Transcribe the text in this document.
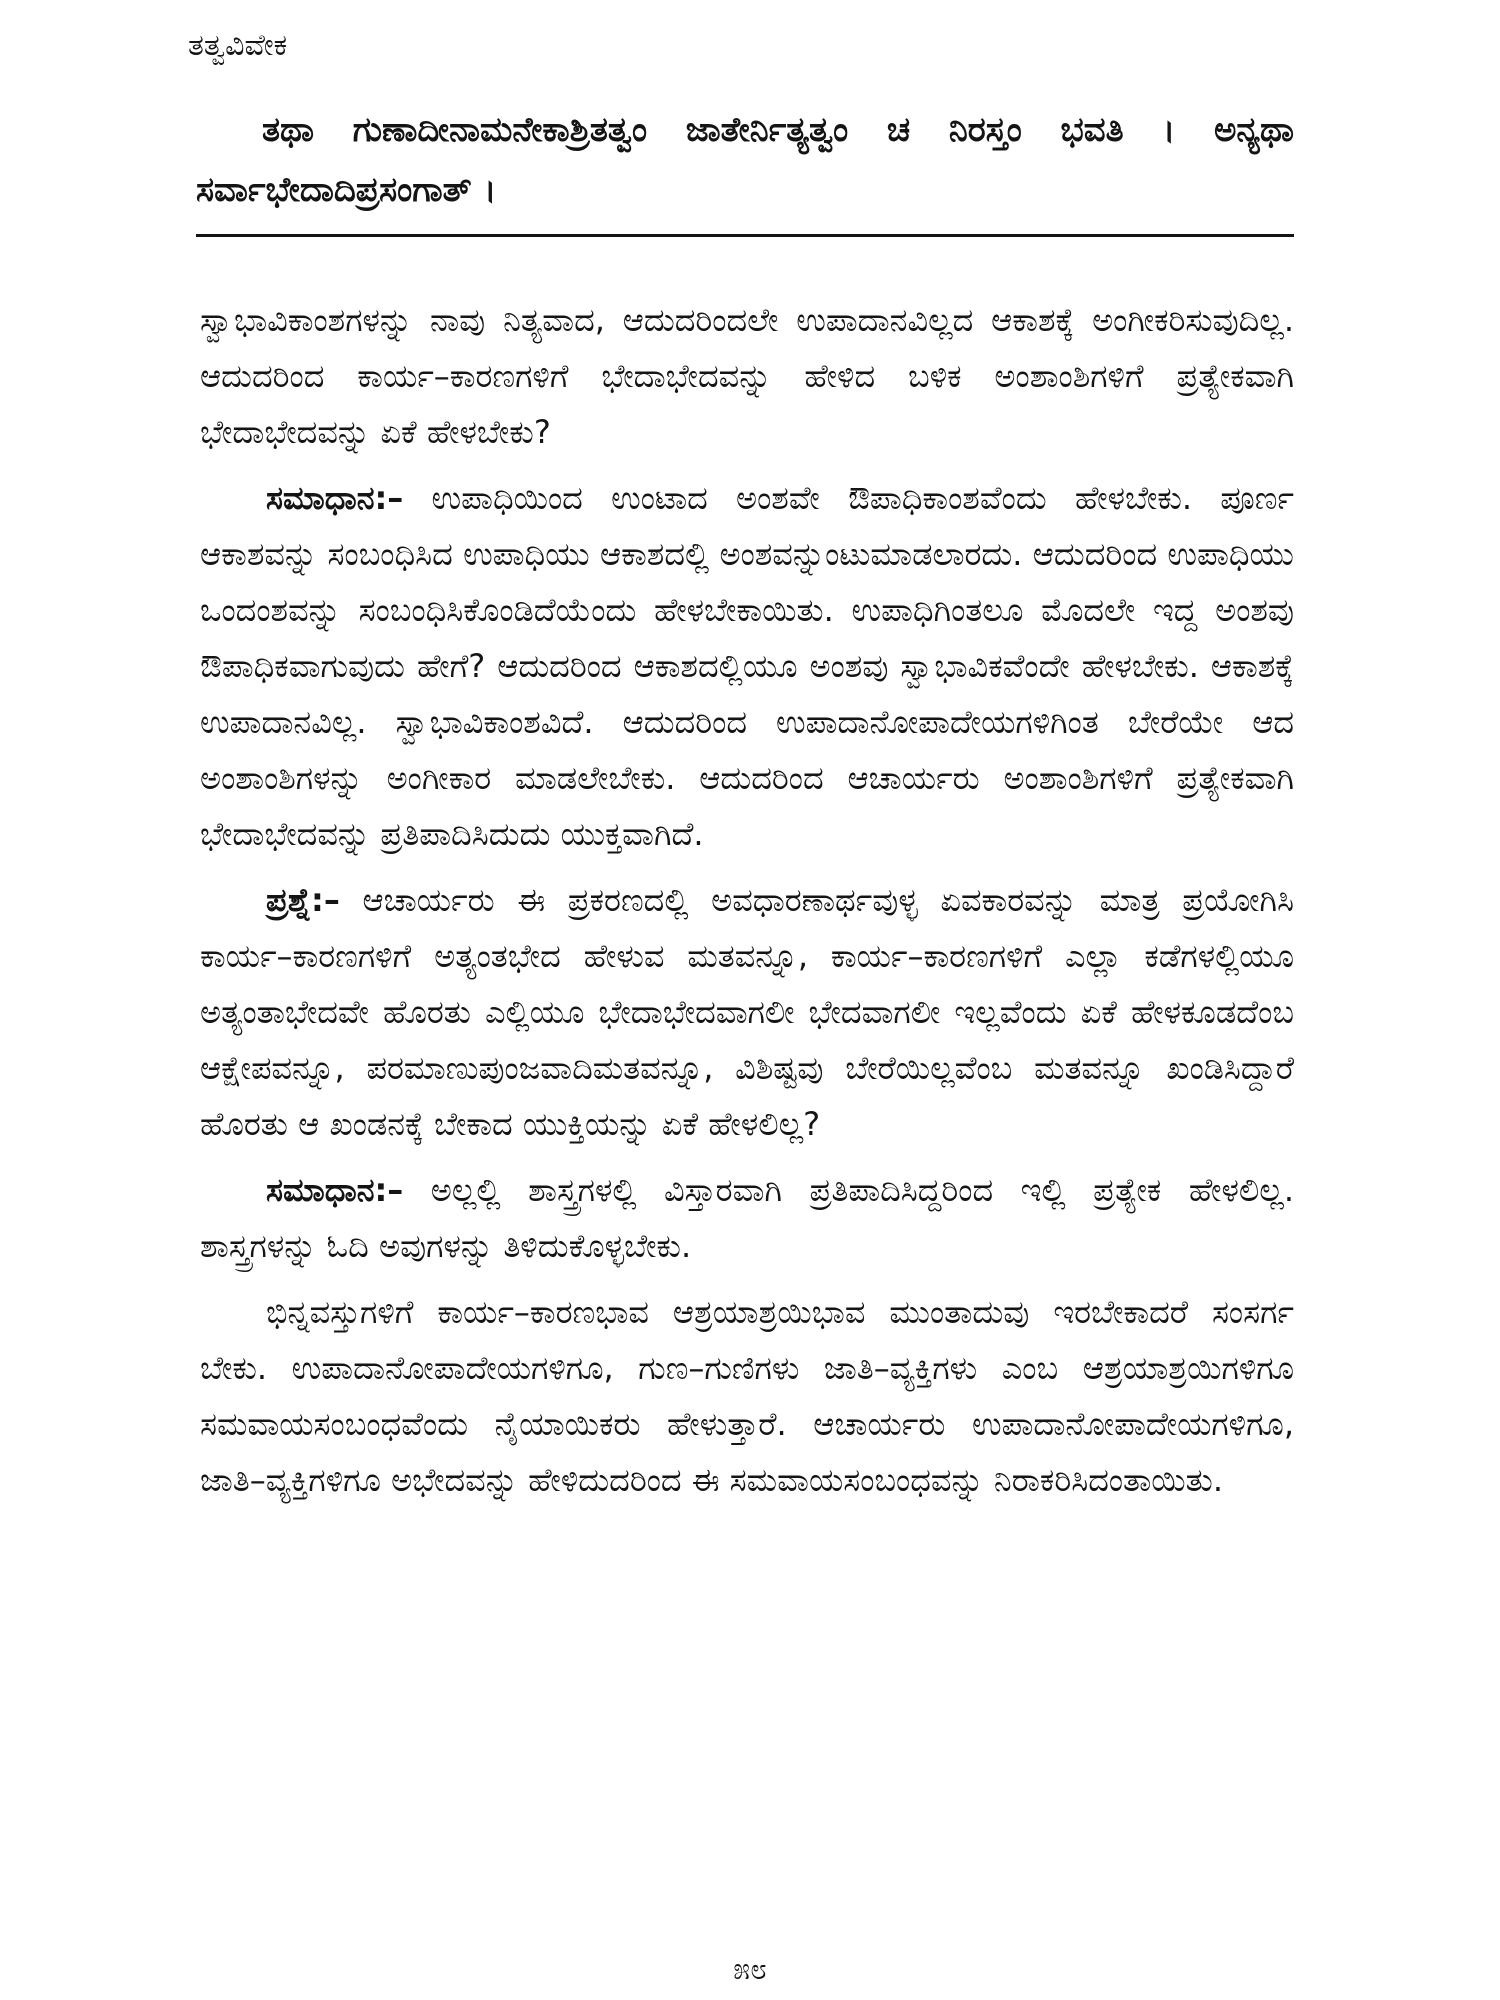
ತತ್ವವಿವೇಕ
ತಥಾ ಗುಣಾದೀನಾಮನೇಕಾಶ್ರಿತತ್ವಂ ಜಾತೇರ್ನಿತ್ಯತ್ವಂ ಚ ನಿರಸ್ತಂ ಭವತಿ । ಅನ್ಯಥಾ ಸರ್ವಾಭೇದಾದಿಪ್ರಸಂಗಾತ್ ।

ಸ್ವಾಭಾವಿಕಾಂಶಗಳನ್ನು ನಾವು ನಿತ್ಯವಾದ, ಆದುದರಿಂದಲೇ ಉಪಾದಾನವಿಲ್ಲದ ಆಕಾಶಕ್ಕೆ ಅಂಗೀಕರಿಸುವುದಿಲ್ಲ. ಆದುದರಿಂದ ಕಾರ್ಯ–ಕಾರಣಗಳಿಗೆ ಭೇದಾಭೇದವನ್ನು ಹೇಳಿದ ಬಳಿಕ ಅಂಶಾಂಶಿಗಳಿಗೆ ಪ್ರತ್ಯೇಕವಾಗಿ ಭೇದಾಭೇದವನ್ನು ಏಕೆ ಹೇಳಬೇಕು?

ಸಮಾಧಾನ:– ಉಪಾಧಿಯಿಂದ ಉಂಟಾದ ಅಂಶವೇ ಔಪಾಧಿಕಾಂಶವೆಂದು ಹೇಳಬೇಕು. ಪೂರ್ಣ ಆಕಾಶವನ್ನು ಸಂಬಂಧಿಸಿದ ಉಪಾಧಿಯು ಆಕಾಶದಲ್ಲಿ ಅಂಶವನ್ನುಂಟುಮಾಡಲಾರದು. ಆದುದರಿಂದ ಉಪಾಧಿಯು ಒಂದಂಶವನ್ನು ಸಂಬಂಧಿಸಿಕೊಂಡಿದೆಯೆಂದು ಹೇಳಬೇಕಾಯಿತು. ಉಪಾಧಿಗಿಂತಲೂ ಮೊದಲೇ ಇದ್ದ ಅಂಶವು ಔಪಾಧಿಕವಾಗುವುದು ಹೇಗೆ? ಆದುದರಿಂದ ಆಕಾಶದಲ್ಲಿಯೂ ಅಂಶವು ಸ್ವಾಭಾವಿಕವೆಂದೇ ಹೇಳಬೇಕು. ಆಕಾಶಕ್ಕೆ ಉಪಾದಾನವಿಲ್ಲ. ಸ್ವಾಭಾವಿಕಾಂಶವಿದೆ. ಆದುದರಿಂದ ಉಪಾದಾನೋಪಾದೇಯಗಳಿಗಿಂತ ಬೇರೆಯೇ ಆದ ಅಂಶಾಂಶಿಗಳನ್ನು ಅಂಗೀಕಾರ ಮಾಡಲೇಬೇಕು. ಆದುದರಿಂದ ಆಚಾರ್ಯರು ಅಂಶಾಂಶಿಗಳಿಗೆ ಪ್ರತ್ಯೇಕವಾಗಿ ಭೇದಾಭೇದವನ್ನು ಪ್ರತಿಪಾದಿಸಿದುದು ಯುಕ್ತವಾಗಿದೆ.

ಪ್ರಶ್ನೆ:– ಆಚಾರ್ಯರು ಈ ಪ್ರಕರಣದಲ್ಲಿ ಅವಧಾರಣಾರ್ಥವುಳ್ಳ ಏವಕಾರವನ್ನು ಮಾತ್ರ ಪ್ರಯೋಗಿಸಿ ಕಾರ್ಯ–ಕಾರಣಗಳಿಗೆ ಅತ್ಯಂತಭೇದ ಹೇಳುವ ಮತವನ್ನೂ, ಕಾರ್ಯ–ಕಾರಣಗಳಿಗೆ ಎಲ್ಲಾ ಕಡೆಗಳಲ್ಲಿಯೂ ಅತ್ಯಂತಾಭೇದವೇ ಹೊರತು ಎಲ್ಲಿಯೂ ಭೇದಾಭೇದವಾಗಲೀ ಭೇದವಾಗಲೀ ಇಲ್ಲವೆಂದು ಏಕೆ ಹೇಳಕೂಡದೆಂಬ ಆಕ್ಷೇಪವನ್ನೂ, ಪರಮಾಣುಪುಂಜವಾದಿಮತವನ್ನೂ, ವಿಶಿಷ್ಟವು ಬೇರೆಯಿಲ್ಲವೆಂಬ ಮತವನ್ನೂ ಖಂಡಿಸಿದ್ದಾರೆ ಹೊರತು ಆ ಖಂಡನಕ್ಕೆ ಬೇಕಾದ ಯುಕ್ತಿಯನ್ನು ಏಕೆ ಹೇಳಲಿಲ್ಲ?

ಸಮಾಧಾನ:– ಅಲ್ಲಲ್ಲಿ ಶಾಸ್ತ್ರಗಳಲ್ಲಿ ವಿಸ್ತಾರವಾಗಿ ಪ್ರತಿಪಾದಿಸಿದ್ದರಿಂದ ಇಲ್ಲಿ ಪ್ರತ್ಯೇಕ ಹೇಳಲಿಲ್ಲ. ಶಾಸ್ತ್ರಗಳನ್ನು ಓದಿ ಅವುಗಳನ್ನು ತಿಳಿದುಕೊಳ್ಳಬೇಕು.

ಭಿನ್ನವಸ್ತುಗಳಿಗೆ ಕಾರ್ಯ–ಕಾರಣಭಾವ ಆಶ್ರಯಾಶ್ರಯಿಭಾವ ಮುಂತಾದುವು ಇರಬೇಕಾದರೆ ಸಂಸರ್ಗ ಬೇಕು. ಉಪಾದಾನೋಪಾದೇಯಗಳಿಗೂ, ಗುಣ–ಗುಣಿಗಳು ಜಾತಿ–ವ್ಯಕ್ತಿಗಳು ಎಂಬ ಆಶ್ರಯಾಶ್ರಯಿಗಳಿಗೂ ಸಮವಾಯಸಂಬಂಧವೆಂದು ನೈಯಾಯಿಕರು ಹೇಳುತ್ತಾರೆ. ಆಚಾರ್ಯರು ಉಪಾದಾನೋಪಾದೇಯಗಳಿಗೂ, ಜಾತಿ–ವ್ಯಕ್ತಿಗಳಿಗೂ ಅಭೇದವನ್ನು ಹೇಳಿದುದರಿಂದ ಈ ಸಮವಾಯಸಂಬಂಧವನ್ನು ನಿರಾಕರಿಸಿದಂತಾಯಿತು.

೫೮
